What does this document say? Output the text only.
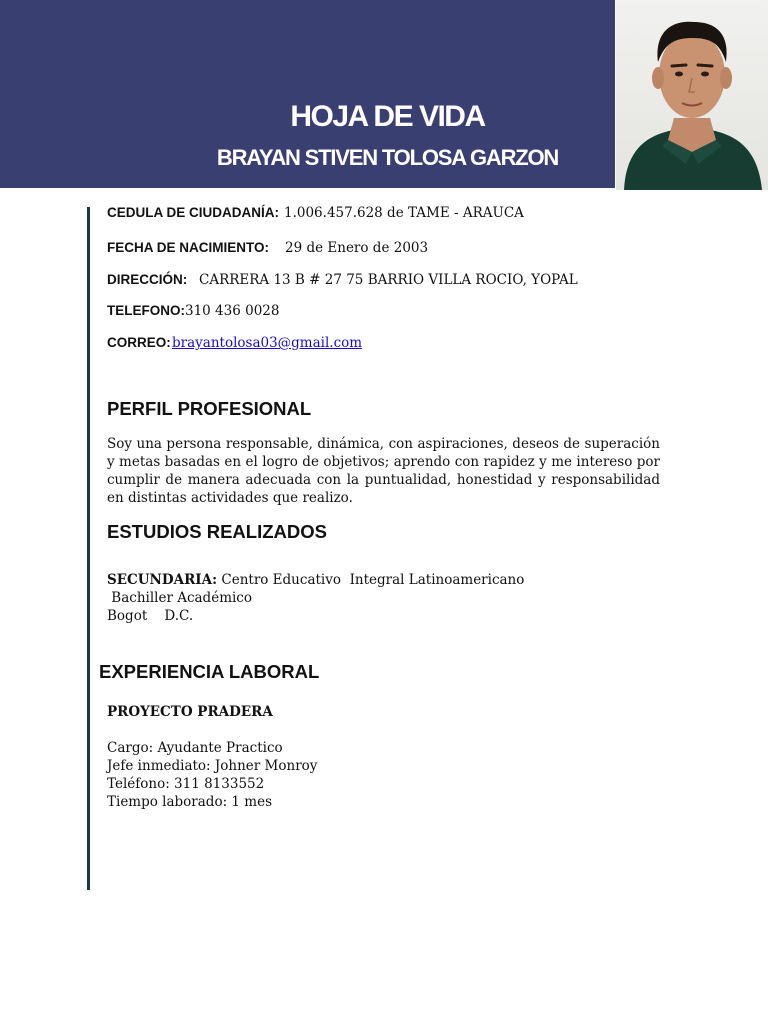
HOJA DE VIDA
BRAYAN STIVEN TOLOSA GARZON
CEDULA DE CIUDADANÍA: 1.006.457.628 de TAME - ARAUCA
FECHA DE NACIMIENTO: 29 de Enero de 2003
DIRECCIÓN: CARRERA 13 B # 27 75 BARRIO VILLA ROCIO, YOPAL
TELEFONO: 310 436 0028
CORREO: brayantolosa03@gmail.com
PERFIL PROFESIONAL
Soy una persona responsable, dinámica, con aspiraciones, deseos de superación y metas basadas en el logro de objetivos; aprendo con rapidez y me intereso por cumplir de manera adecuada con la puntualidad, honestidad y responsabilidad en distintas actividades que realizo.
ESTUDIOS REALIZADOS
SECUNDARIA: Centro Educativo  Integral Latinoamericano
Bachiller Académico
Bogot    D.C.
EXPERIENCIA LABORAL
PROYECTO PRADERA
Cargo: Ayudante Practico
Jefe inmediato: Johner Monroy
Teléfono: 311 8133552
Tiempo laborado: 1 mes
